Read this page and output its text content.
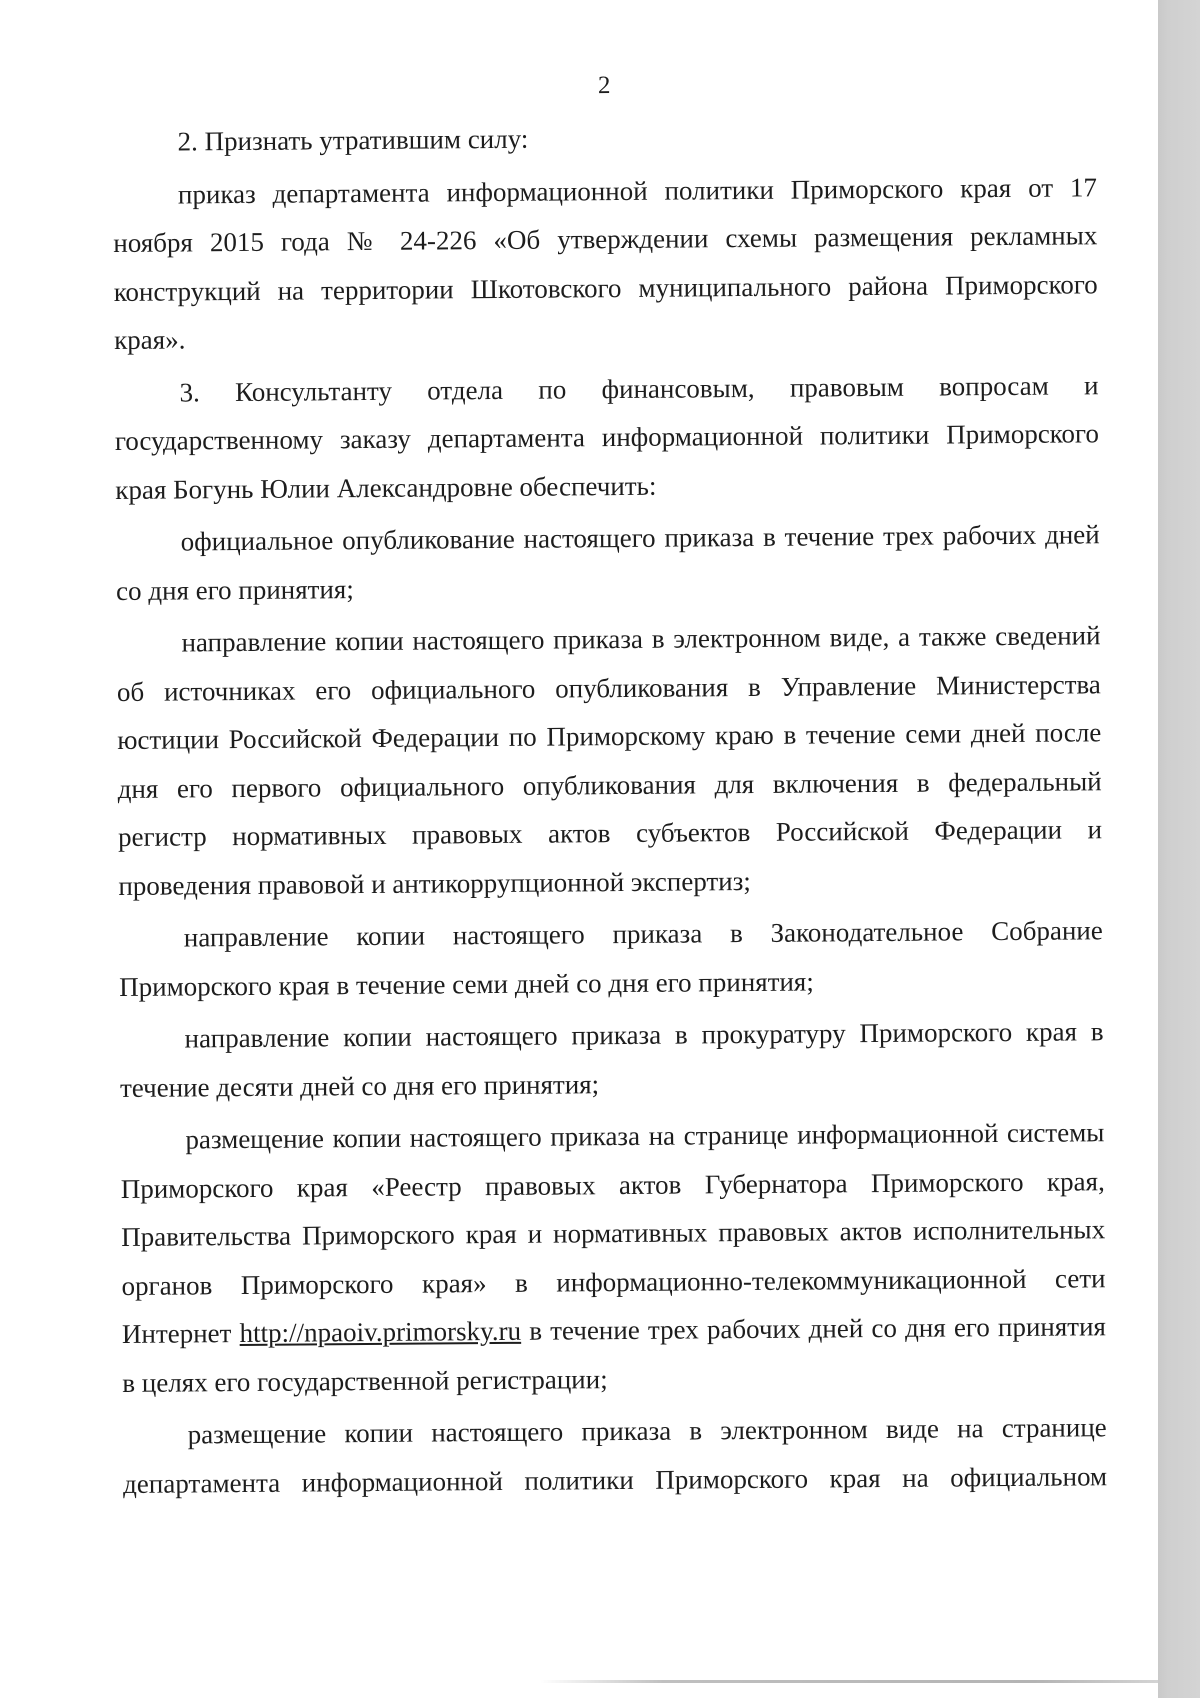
2

2. Признать утратившим силу:

приказ департамента информационной политики Приморского края от 17 ноября 2015 года № 24-226 «Об утверждении схемы размещения рекламных конструкций на территории Шкотовского муниципального района Приморского края».

3. Консультанту отдела по финансовым, правовым вопросам и государственному заказу департамента информационной политики Приморского края Богунь Юлии Александровне обеспечить:

официальное опубликование настоящего приказа в течение трех рабочих дней со дня его принятия;

направление копии настоящего приказа в электронном виде, а также сведений об источниках его официального опубликования в Управление Министерства юстиции Российской Федерации по Приморскому краю в течение семи дней после дня его первого официального опубликования для включения в федеральный регистр нормативных правовых актов субъектов Российской Федерации и проведения правовой и антикоррупционной экспертиз;

направление копии настоящего приказа в Законодательное Собрание Приморского края в течение семи дней со дня его принятия;

направление копии настоящего приказа в прокуратуру Приморского края в течение десяти дней со дня его принятия;

размещение копии настоящего приказа на странице информационной системы Приморского края «Реестр правовых актов Губернатора Приморского края, Правительства Приморского края и нормативных правовых актов исполнительных органов Приморского края» в информационно-телекоммуникационной сети Интернет http://npaoiv.primorsky.ru в течение трех рабочих дней со дня его принятия в целях его государственной регистрации;

размещение копии настоящего приказа в электронном виде на странице департамента информационной политики Приморского края на официальном
